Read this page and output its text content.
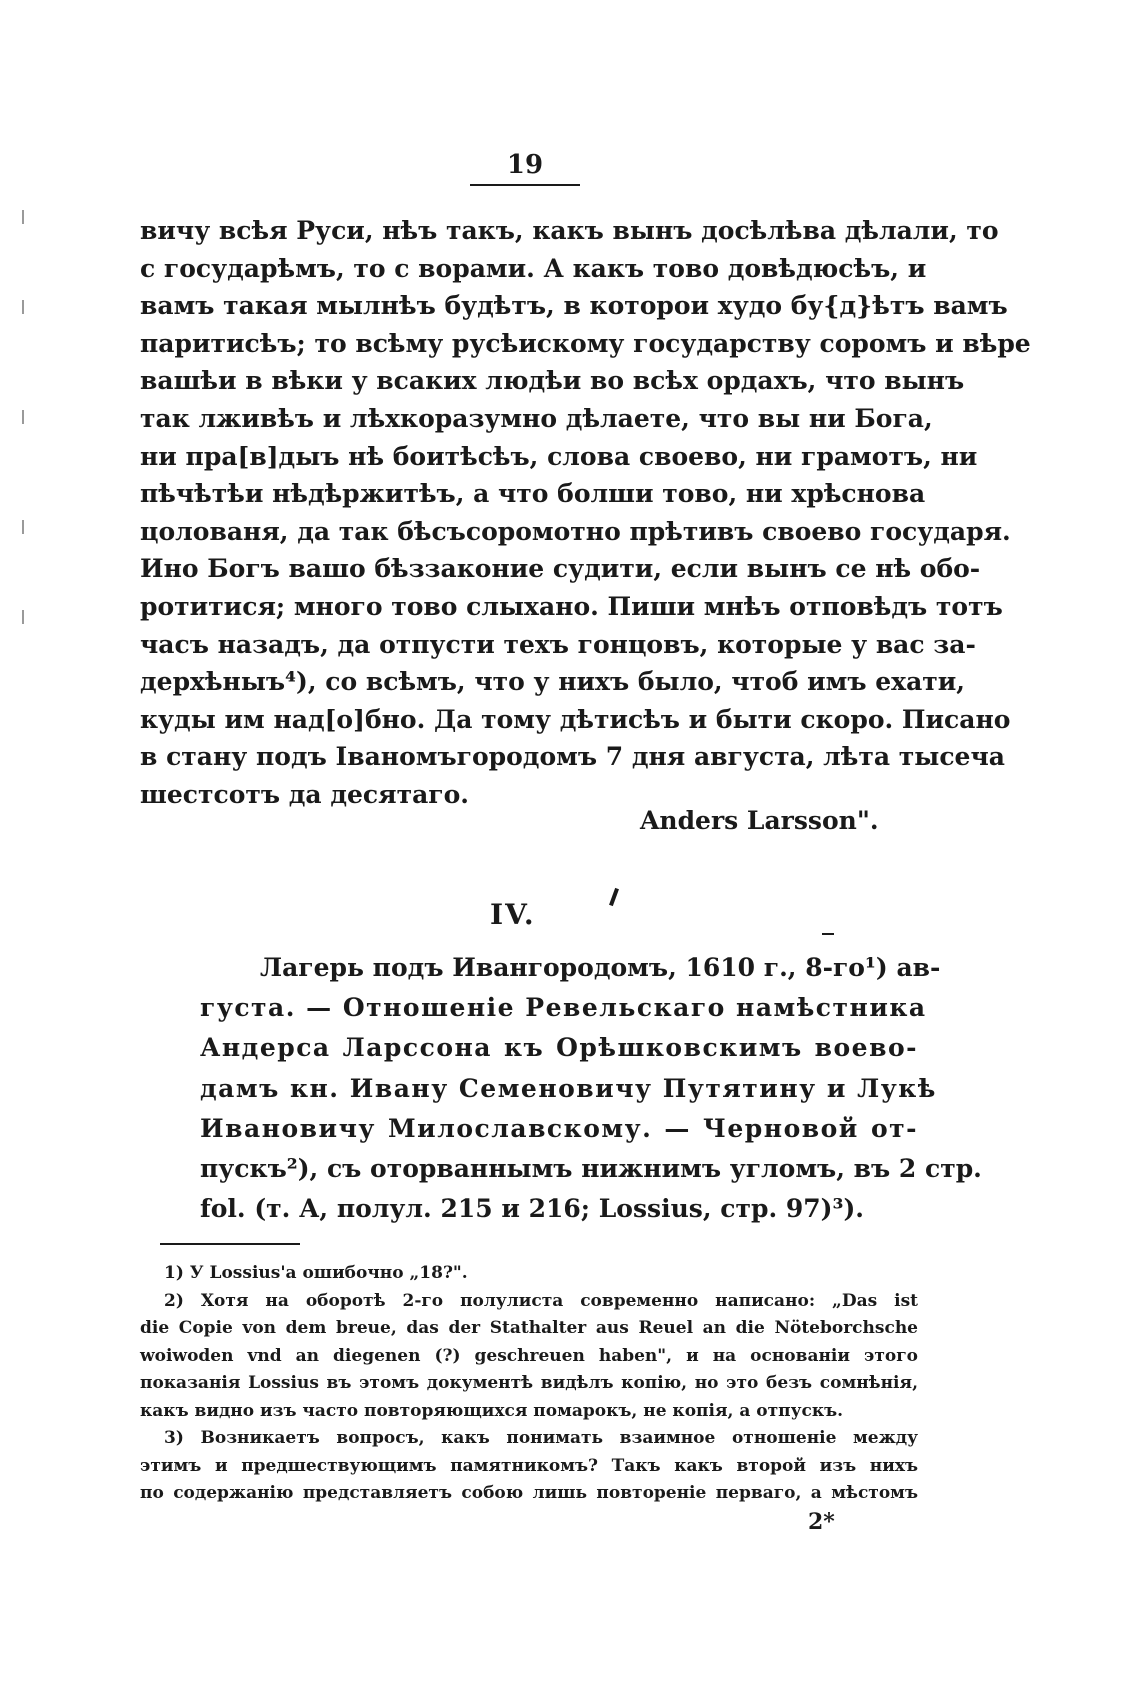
19
вичу всѣя Руси, нѣъ такъ, какъ вынъ досѣлѣва дѣлали, то
с государѣмъ, то с ворами. А какъ тово довѣдюсѣъ, и
вамъ такая мылнѣъ будѣтъ, в которои худо бу{д}ѣтъ вамъ
паритисѣъ; то всѣму русѣискому государству соромъ и вѣре
вашѣи в вѣки у всаких людѣи во всѣх ордахъ, что вынъ
так лживѣъ и лѣхкоразумно дѣлаете, что вы ни Бога,
ни пра[в]дыъ нѣ боитѣсѣъ, слова своево, ни грамотъ, ни
пѣчѣтѣи нѣдѣржитѣъ, а что болши тово, ни хрѣснова
цолованя, да так бѣсъсоромотно прѣтивъ своево государя.
Ино Богъ вашо бѣззаконие судити, если вынъ се нѣ обо-
ротитися; много тово слыхано. Пиши мнѣъ отповѣдъ тотъ
часъ назадъ, да отпусти техъ гонцовъ, которые у вас за-
дерхѣныъ⁴), со всѣмъ, что у нихъ было, чтоб имъ ехати,
куды им над[о]бно. Да тому дѣтисѣъ и быти скоро. Писано
в стану подъ Іваномъгородомъ 7 дня августа, лѣта тысеча
шестсотъ да десятаго.
Anders Larsson".
IV.
Лагерь подъ Ивангородомъ, 1610 г., 8-го¹) ав-
густа. — Отношеніе Ревельскаго намѣстника
Андерса Ларссона къ Орѣшковскимъ воево-
дамъ кн. Ивану Семеновичу Путятину и Лукѣ
Ивановичу Милославскому. — Черновой от-
пускъ²), съ оторваннымъ нижнимъ угломъ, въ 2 стр.
fol. (т. А, полул. 215 и 216; Lossius, стр. 97)³).
1) У Lossius'а ошибочно „18?".
2) Хотя на оборотѣ 2-го полулиста современно написано: „Das ist
die Copie von dem breue, das der Stathalter aus Reuel an die Nöteborchsche
woiwoden vnd an diegenen (?) geschreuen haben", и на основаніи этого
показанія Lossius въ этомъ документѣ видѣлъ копію, но это безъ сомнѣнія,
какъ видно изъ часто повторяющихся помарокъ, не копія, а отпускъ.
3) Возникаетъ вопросъ, какъ понимать взаимное отношеніе между
этимъ и предшествующимъ памятникомъ? Такъ какъ второй изъ нихъ
по содержанію представляетъ собою лишь повтореніе перваго, а мѣстомъ
2*
